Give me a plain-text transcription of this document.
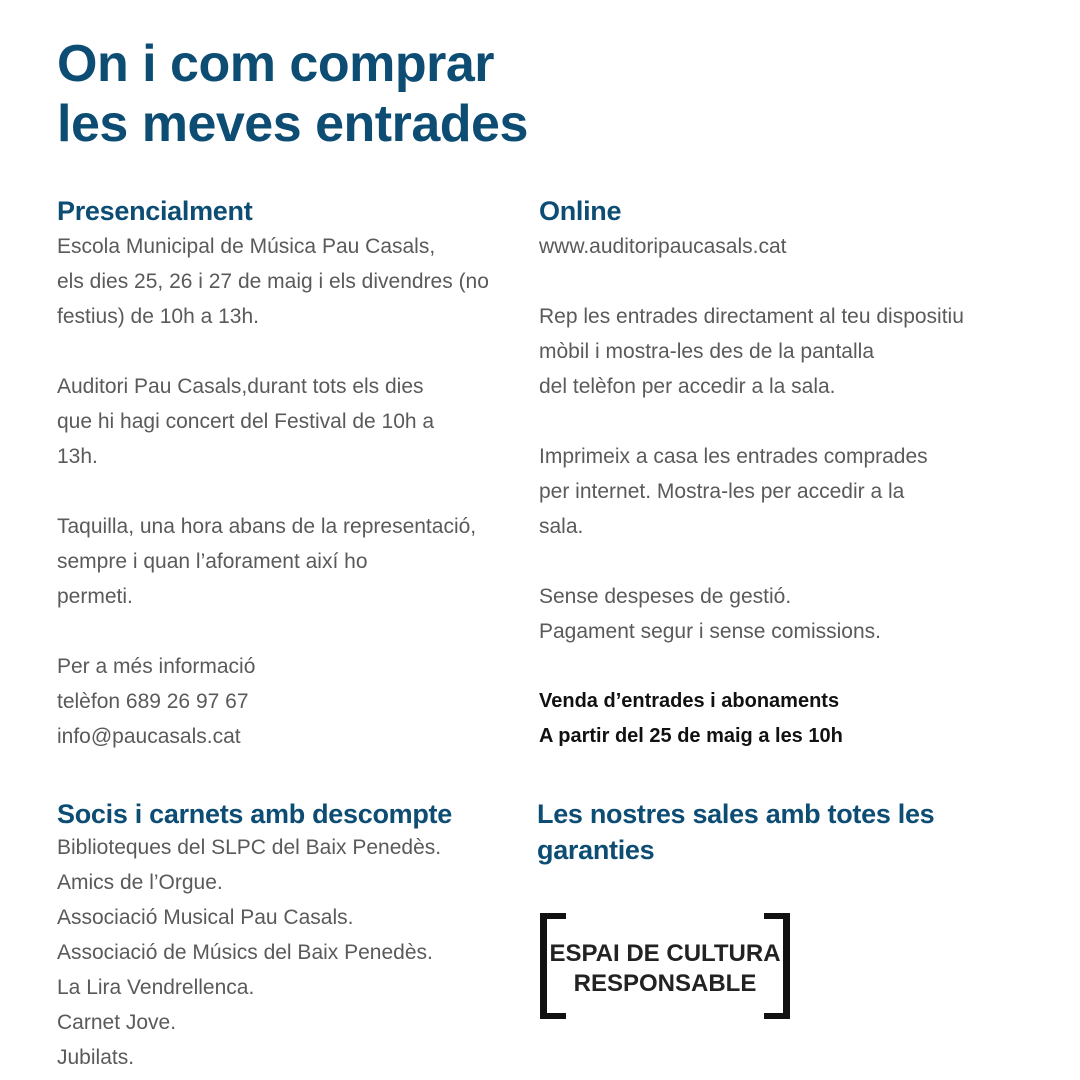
On i com comprar
les meves entrades
Presencialment
Escola Municipal de Música Pau Casals,
els dies 25, 26 i 27 de maig i els divendres (no
festius) de 10h a 13h.
Auditori Pau Casals,durant tots els dies
que hi hagi concert del Festival de 10h a
13h.
Taquilla, una hora abans de la representació,
sempre i quan l’aforament així ho
permeti.
Per a més informació
telèfon 689 26 97 67
info@paucasals.cat
Online
www.auditoripaucasals.cat
Rep les entrades directament al teu dispositiu
mòbil i mostra-les des de la pantalla
del telèfon per accedir a la sala.
Imprimeix a casa les entrades comprades
per internet. Mostra-les per accedir a la
sala.
Sense despeses de gestió.
Pagament segur i sense comissions.
Venda d’entrades i abonaments
A partir del 25 de maig a les 10h
Socis i carnets amb descompte
Biblioteques del SLPC del Baix Penedès.
Amics de l’Orgue.
Associació Musical Pau Casals.
Associació de Músics del Baix Penedès.
La Lira Vendrellenca.
Carnet Jove.
Jubilats.
Les nostres sales amb totes les
garanties
ESPAI DE CULTURA
RESPONSABLE
